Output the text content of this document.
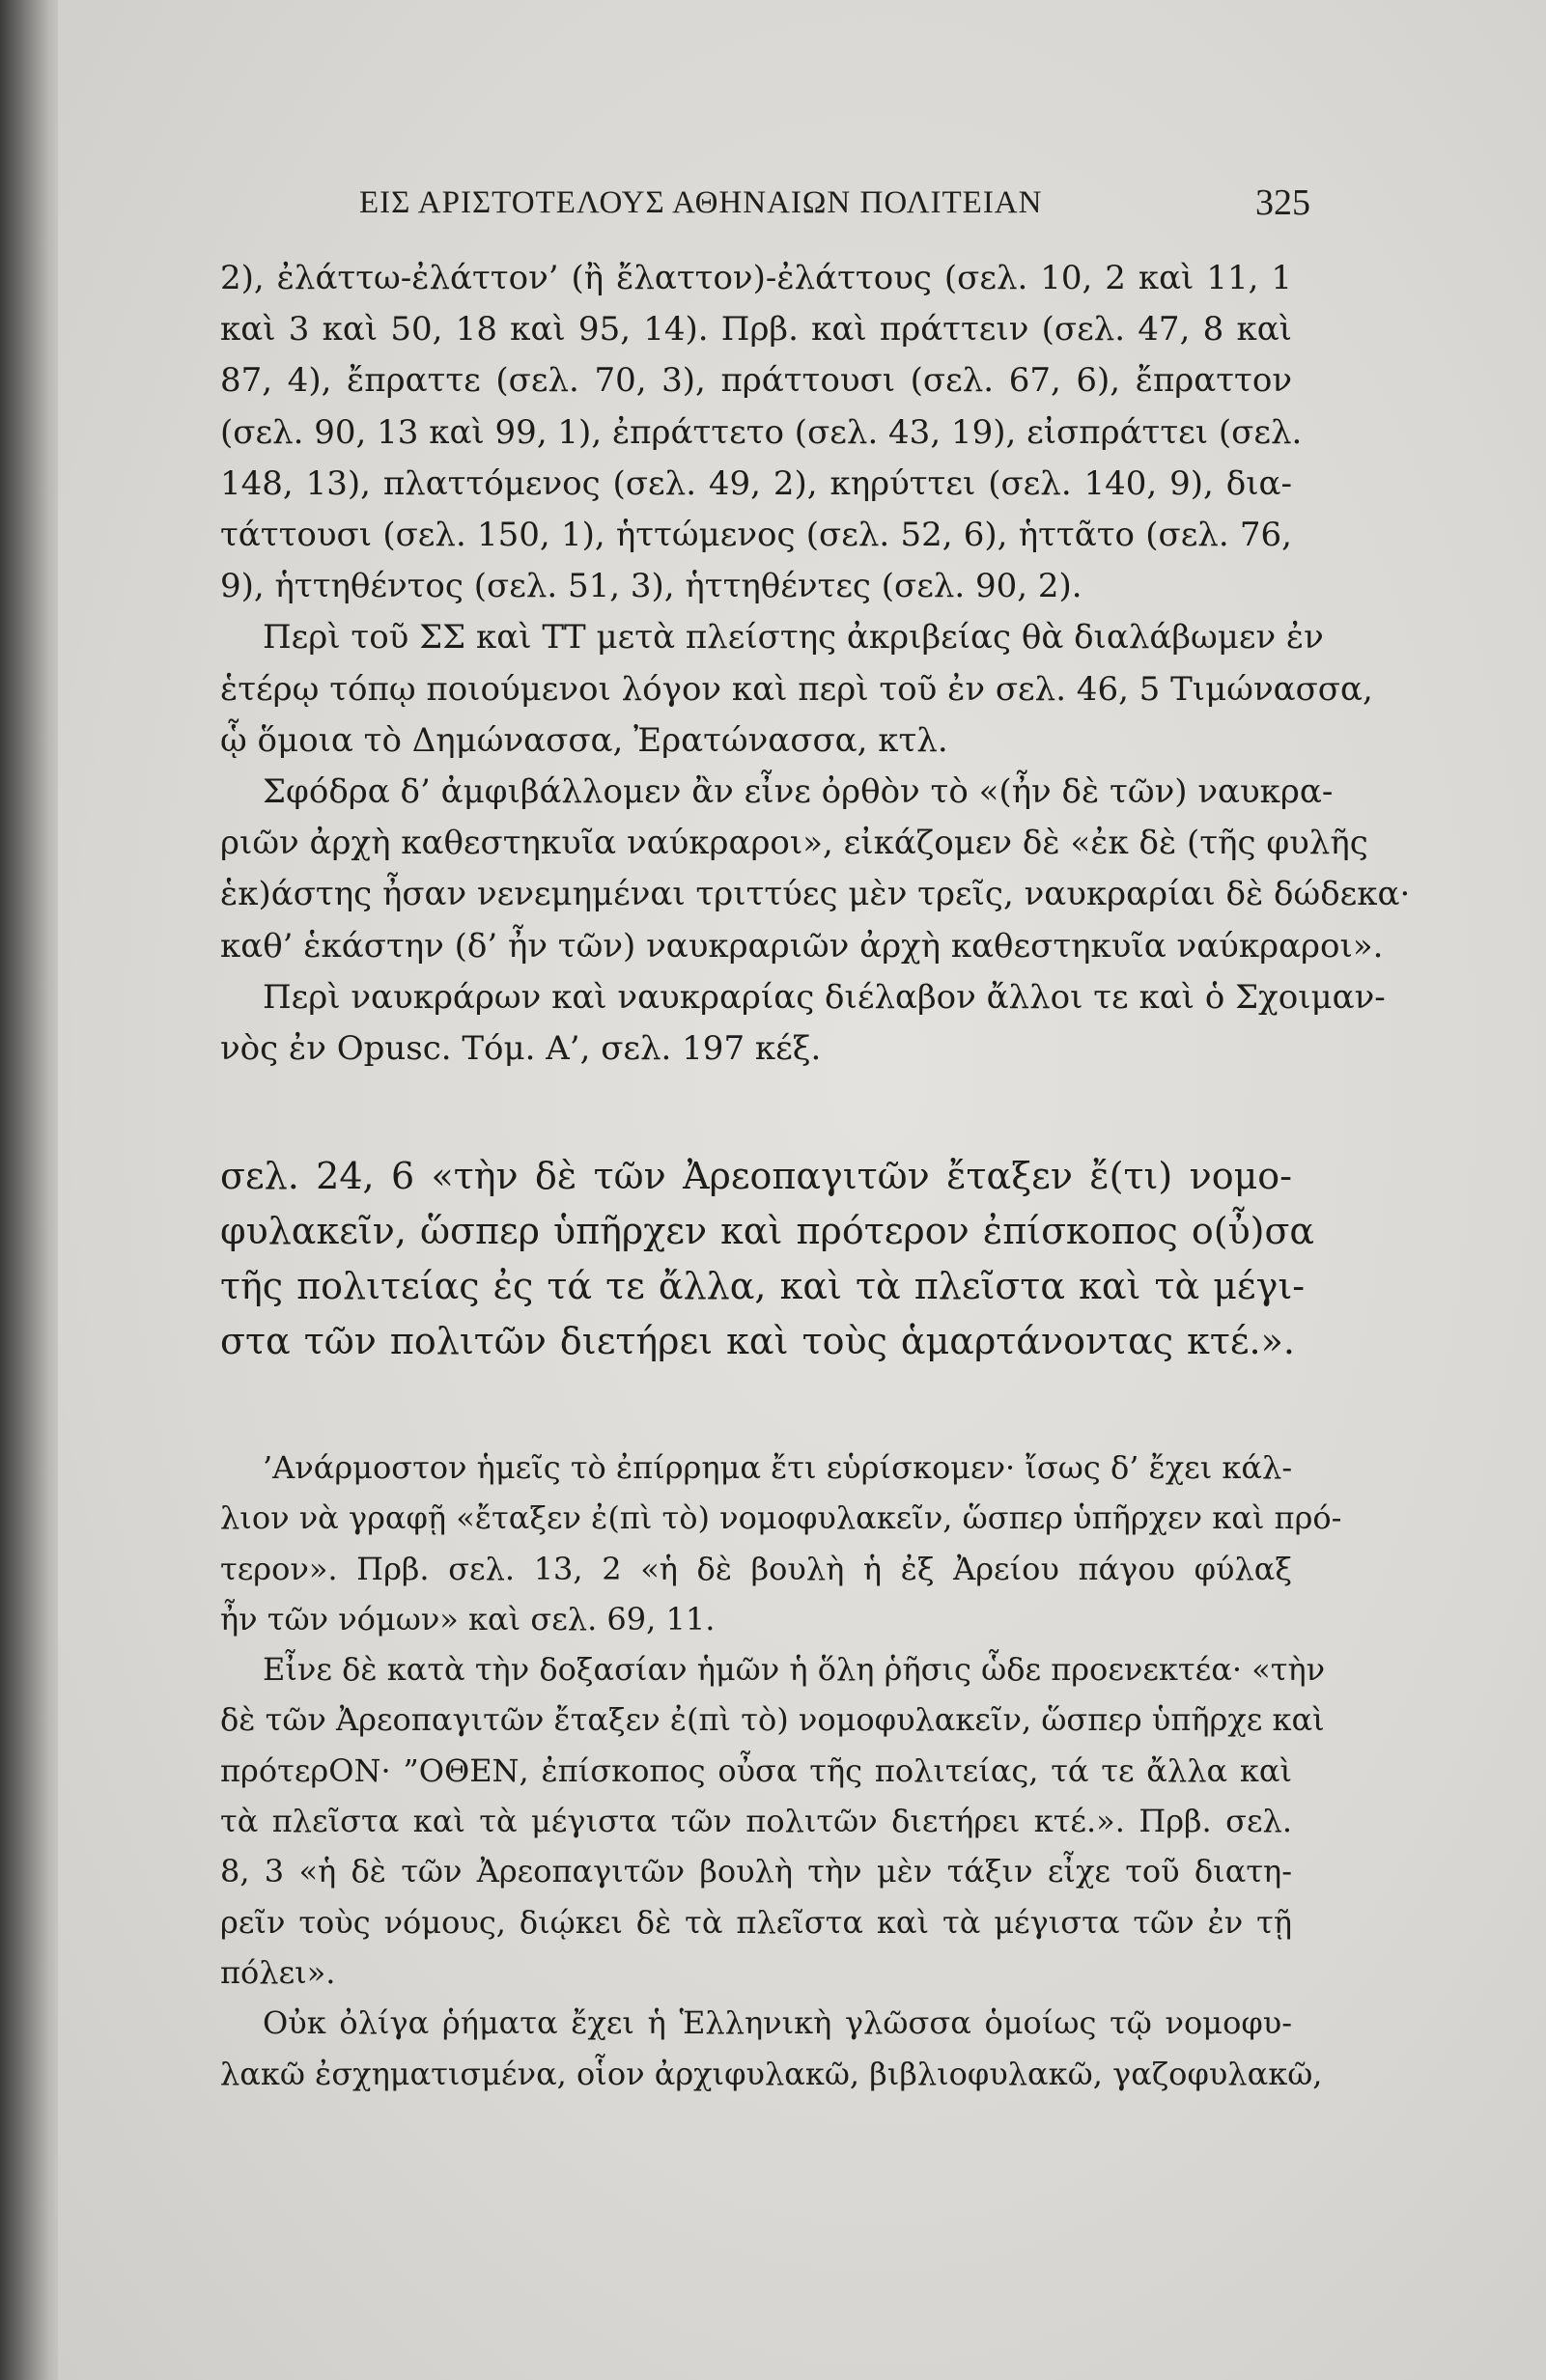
ΕΙΣ ΑΡΙΣΤΟΤΕΛΟΥΣ ΑΘΗΝΑΙΩΝ ΠΟΛΙΤΕΙΑΝ	325

2), ἐλάττω-ἐλάττον’ (ἢ ἔλαττον)-ἐλάττους (σελ. 10, 2 καὶ 11, 1
καὶ 3 καὶ 50, 18 καὶ 95, 14). Πρβ. καὶ πράττειν (σελ. 47, 8 καὶ
87, 4), ἔπραττε (σελ. 70, 3), πράττουσι (σελ. 67, 6), ἔπραττον
(σελ. 90, 13 καὶ 99, 1), ἐπράττετο (σελ. 43, 19), εἰσπράττει (σελ.
148, 13), πλαττόμενος (σελ. 49, 2), κηρύττει (σελ. 140, 9), δια-
τάττουσι (σελ. 150, 1), ἡττώμενος (σελ. 52, 6), ἡττᾶτο (σελ. 76,
9), ἡττηθέντος (σελ. 51, 3), ἡττηθέντες (σελ. 90, 2).

Περὶ τοῦ ΣΣ καὶ ΤΤ μετὰ πλείστης ἀκριβείας θὰ διαλάβωμεν ἐν
ἑτέρῳ τόπῳ ποιούμενοι λόγον καὶ περὶ τοῦ ἐν σελ. 46, 5 Τιμώνασσα,
ᾧ ὅμοια τὸ Δημώνασσα, Ἐρατώνασσα, κτλ.

Σφόδρα δ’ ἀμφιβάλλομεν ἂν εἶνε ὀρθὸν τὸ «(ἦν δὲ τῶν) ναυκρα-
ριῶν ἀρχὴ καθεστηκυῖα ναύκραροι», εἰκάζομεν δὲ «ἐκ δὲ (τῆς φυλῆς
ἑκ)άστης ἦσαν νενεμημέναι τριττύες μὲν τρεῖς, ναυκραρίαι δὲ δώδεκα·
καθ’ ἑκάστην (δ’ ἦν τῶν) ναυκραριῶν ἀρχὴ καθεστηκυῖα ναύκραροι».

Περὶ ναυκράρων καὶ ναυκραρίας διέλαβον ἄλλοι τε καὶ ὁ Σχοιμαν-
νὸς ἐν Opusc. Τόμ. Α’, σελ. 197 κέξ.

σελ. 24, 6 «τὴν δὲ τῶν Ἀρεοπαγιτῶν ἔταξεν ἔ(τι) νομο-
φυλακεῖν, ὥσπερ ὑπῆρχεν καὶ πρότερον ἐπίσκοπος ο(ὖ)σα
τῆς πολιτείας ἐς τά τε ἄλλα, καὶ τὰ πλεῖστα καὶ τὰ μέγι-
στα τῶν πολιτῶν διετήρει καὶ τοὺς ἁμαρτάνοντας κτέ.».

’Ανάρμοστον ἡμεῖς τὸ ἐπίρρημα ἔτι εὑρίσκομεν· ἴσως δ’ ἔχει κάλ-
λιον νὰ γραφῇ «ἔταξεν ἐ(πὶ τὸ) νομοφυλακεῖν, ὥσπερ ὑπῆρχεν καὶ πρό-
τερον». Πρβ. σελ. 13, 2 «ἡ δὲ βουλὴ ἡ ἐξ Ἀρείου πάγου φύλαξ
ἦν τῶν νόμων» καὶ σελ. 69, 11.

Εἶνε δὲ κατὰ τὴν δοξασίαν ἡμῶν ἡ ὅλη ῥῆσις ὧδε προενεκτέα· «τὴν
δὲ τῶν Ἀρεοπαγιτῶν ἔταξεν ἐ(πὶ τὸ) νομοφυλακεῖν, ὥσπερ ὑπῆρχε καὶ
πρότερON· ”ΟΘΕΝ, ἐπίσκοπος οὖσα τῆς πολιτείας, τά τε ἄλλα καὶ
τὰ πλεῖστα καὶ τὰ μέγιστα τῶν πολιτῶν διετήρει κτέ.». Πρβ. σελ.
8, 3 «ἡ δὲ τῶν Ἀρεοπαγιτῶν βουλὴ τὴν μὲν τάξιν εἶχε τοῦ διατη-
ρεῖν τοὺς νόμους, διῴκει δὲ τὰ πλεῖστα καὶ τὰ μέγιστα τῶν ἐν τῇ
πόλει».

Οὐκ ὀλίγα ῥήματα ἔχει ἡ Ἑλληνικὴ γλῶσσα ὁμοίως τῷ νομοφυ-
λακῶ ἐσχηματισμένα, οἷον ἀρχιφυλακῶ, βιβλιοφυλακῶ, γαζοφυλακῶ,
